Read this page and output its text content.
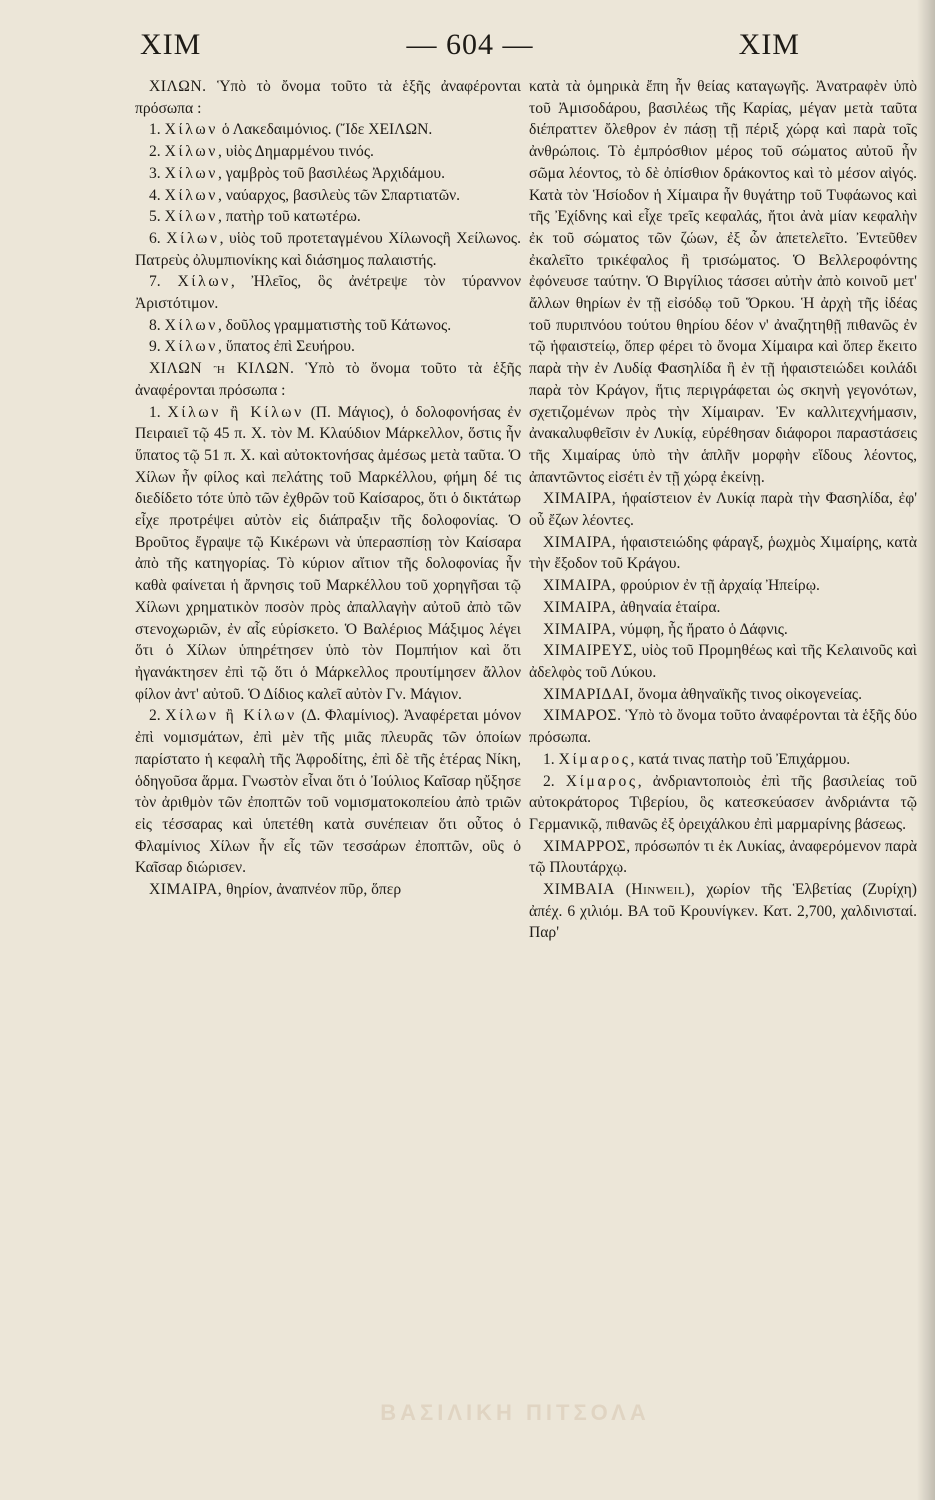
ΧΙΜ	— 604 —	ΧΙΜ

ΧΙΛΩΝ. Ὑπὸ τὸ ὄνομα τοῦτο τὰ ἑξῆς ἀναφέρονται πρόσωπα :

1. Χίλων ὁ Λακεδαιμόνιος. (Ἴδε ΧΕΙΛΩΝ.

2. Χίλων, υἱὸς Δημαρμένου τινός.

3. Χίλων, γαμβρὸς τοῦ βασιλέως Ἀρχιδάμου.

4. Χίλων, ναύαρχος, βασιλεὺς τῶν Σπαρτιατῶν.

5. Χίλων, πατὴρ τοῦ κατωτέρω.

6. Χίλων, υἱὸς τοῦ προτεταγμένου Χίλωνοςἢ Χείλωνος. Πατρεὺς ὀλυμπιονίκης καὶ διάσημος παλαιστής.

7. Χίλων, Ἠλεῖος, ὃς ἀνέτρεψε τὸν τύραννον Ἀριστότιμον.

8. Χίλων, δοῦλος γραμματιστὴς τοῦ Κάτωνος.

9. Χίλων, ὕπατος ἐπὶ Σευήρου.

ΧΙΛΩΝ ἢ ΚΙΛΩΝ. Ὑπὸ τὸ ὄνομα τοῦτο τὰ ἑξῆς ἀναφέρονται πρόσωπα :

1. Χίλων ἢ Κίλων (Π. Μάγιος), ὁ δολοφονήσας ἐν Πειραιεῖ τῷ 45 π. Χ. τὸν Μ. Κλαύδιον Μάρκελλον, ὅστις ἦν ὕπατος τῷ 51 π. Χ. καὶ αὐτοκτονήσας ἀμέσως μετὰ ταῦτα. Ὁ Χίλων ἦν φίλος καὶ πελάτης τοῦ Μαρκέλλου, φήμη δέ τις διεδίδετο τότε ὑπὸ τῶν ἐχθρῶν τοῦ Καίσαρος, ὅτι ὁ δικτάτωρ εἶχε προτρέψει αὐτὸν εἰς διάπραξιν τῆς δολοφονίας. Ὁ Βροῦτος ἔγραψε τῷ Κικέρωνι νὰ ὑπερασπίσῃ τὸν Καίσαρα ἀπὸ τῆς κατηγορίας. Τὸ κύριον αἴτιον τῆς δολοφονίας ἦν καθὰ φαίνεται ἡ ἄρνησις τοῦ Μαρκέλλου τοῦ χορηγῆσαι τῷ Χίλωνι χρηματικὸν ποσὸν πρὸς ἀπαλλαγὴν αὐτοῦ ἀπὸ τῶν στενοχωριῶν, ἐν αἷς εὑρίσκετο. Ὁ Βαλέριος Μάξιμος λέγει ὅτι ὁ Χίλων ὑπηρέτησεν ὑπὸ τὸν Πομπήιον καὶ ὅτι ἠγανάκτησεν ἐπὶ τῷ ὅτι ὁ Μάρκελλος προυτίμησεν ἄλλον φίλον ἀντ' αὐτοῦ. Ὁ Δίδιος καλεῖ αὐτὸν Γν. Μάγιον.

2. Χίλων ἢ Κίλων (Δ. Φλαμίνιος). Ἀναφέρεται μόνον ἐπὶ νομισμάτων, ἐπὶ μὲν τῆς μιᾶς πλευρᾶς τῶν ὁποίων παρίστατο ἡ κεφαλὴ τῆς Ἀφροδίτης, ἐπὶ δὲ τῆς ἑτέρας Νίκη, ὁδηγοῦσα ἅρμα. Γνωστὸν εἶναι ὅτι ὁ Ἰούλιος Καῖσαρ ηὔξησε τὸν ἀριθμὸν τῶν ἐποπτῶν τοῦ νομισματοκοπείου ἀπὸ τριῶν εἰς τέσσαρας καὶ ὑπετέθη κατὰ συνέπειαν ὅτι οὗτος ὁ Φλαμίνιος Χίλων ἦν εἷς τῶν τεσσάρων ἐποπτῶν, οὓς ὁ Καῖσαρ διώρισεν.

ΧΙΜΑΙΡΑ, θηρίον, ἀναπνέον πῦρ, ὅπερ

κατὰ τὰ ὁμηρικὰ ἔπη ἦν θείας καταγωγῆς. Ἀνατραφὲν ὑπὸ τοῦ Ἀμισοδάρου, βασιλέως τῆς Καρίας, μέγαν μετὰ ταῦτα διέπραττεν ὄλεθρον ἐν πάσῃ τῇ πέριξ χώρᾳ καὶ παρὰ τοῖς ἀνθρώποις. Τὸ ἐμπρόσθιον μέρος τοῦ σώματος αὐτοῦ ἦν σῶμα λέοντος, τὸ δὲ ὀπίσθιον δράκοντος καὶ τὸ μέσον αἰγός. Κατὰ τὸν Ἡσίοδον ἡ Χίμαιρα ἦν θυγάτηρ τοῦ Τυφάωνος καὶ τῆς Ἐχίδνης καὶ εἶχε τρεῖς κεφαλάς, ἤτοι ἀνὰ μίαν κεφαλὴν ἐκ τοῦ σώματος τῶν ζώων, ἐξ ὧν ἀπετελεῖτο. Ἐντεῦθεν ἐκαλεῖτο τρικέφαλος ἢ τρισώματος. Ὁ Βελλεροφόντης ἐφόνευσε ταύτην. Ὁ Βιργίλιος τάσσει αὐτὴν ἀπὸ κοινοῦ μετ' ἄλλων θηρίων ἐν τῇ εἰσόδῳ τοῦ Ὅρκου. Ἡ ἀρχὴ τῆς ἰδέας τοῦ πυριπνόου τούτου θηρίου δέον ν' ἀναζητηθῇ πιθανῶς ἐν τῷ ἡφαιστείῳ, ὅπερ φέρει τὸ ὄνομα Χίμαιρα καὶ ὅπερ ἔκειτο παρὰ τὴν ἐν Λυδίᾳ Φασηλίδα ἢ ἐν τῇ ἡφαιστειώδει κοιλάδι παρὰ τὸν Κράγον, ἥτις περιγράφεται ὡς σκηνὴ γεγονότων, σχετιζομένων πρὸς τὴν Χίμαιραν. Ἐν καλλιτεχνήμασιν, ἀνακαλυφθεῖσιν ἐν Λυκίᾳ, εὑρέθησαν διάφοροι παραστάσεις τῆς Χιμαίρας ὑπὸ τὴν ἁπλῆν μορφὴν εἴδους λέοντος, ἀπαντῶντος εἰσέτι ἐν τῇ χώρᾳ ἐκείνῃ.

ΧΙΜΑΙΡΑ, ἡφαίστειον ἐν Λυκίᾳ παρὰ τὴν Φασηλίδα, ἐφ' οὗ ἔζων λέοντες.

ΧΙΜΑΙΡΑ, ἡφαιστειώδης φάραγξ, ῥωχμὸς Χιμαίρης, κατὰ τὴν ἔξοδον τοῦ Κράγου.

ΧΙΜΑΙΡΑ, φρούριον ἐν τῇ ἀρχαίᾳ Ἠπείρῳ.

ΧΙΜΑΙΡΑ, ἀθηναία ἑταίρα.

ΧΙΜΑΙΡΑ, νύμφη, ἧς ἤρατο ὁ Δάφνις.

ΧΙΜΑΙΡΕΥΣ, υἱὸς τοῦ Προμηθέως καὶ τῆς Κελαινοῦς καὶ ἀδελφὸς τοῦ Λύκου.

ΧΙΜΑΡΙΔΑΙ, ὄνομα ἀθηναϊκῆς τινος οἰκογενείας.

ΧΙΜΑΡΟΣ. Ὑπὸ τὸ ὄνομα τοῦτο ἀναφέρονται τὰ ἑξῆς δύο πρόσωπα.

1. Χίμαρος, κατά τινας πατὴρ τοῦ Ἐπιχάρμου.

2. Χίμαρος, ἀνδριαντοποιὸς ἐπὶ τῆς βασιλείας τοῦ αὐτοκράτορος Τιβερίου, ὃς κατεσκεύασεν ἀνδριάντα τῷ Γερμανικῷ, πιθανῶς ἐξ ὀρειχάλκου ἐπὶ μαρμαρίνης βάσεως.

ΧΙΜΑΡΡΟΣ, πρόσωπόν τι ἐκ Λυκίας, ἀναφερόμενον παρὰ τῷ Πλουτάρχῳ.

ΧΙΜΒΑΙΑ (Hinweil), χωρίον τῆς Ἑλβετίας (Ζυρίχη) ἀπέχ. 6 χιλιόμ. ΒΑ τοῦ Κρουνίγκεν. Κατ. 2,700, χαλδινισταί. Παρ'

ΒΑΣΙΛΙΚΗ ΠΙΤΣΟΛΑ
